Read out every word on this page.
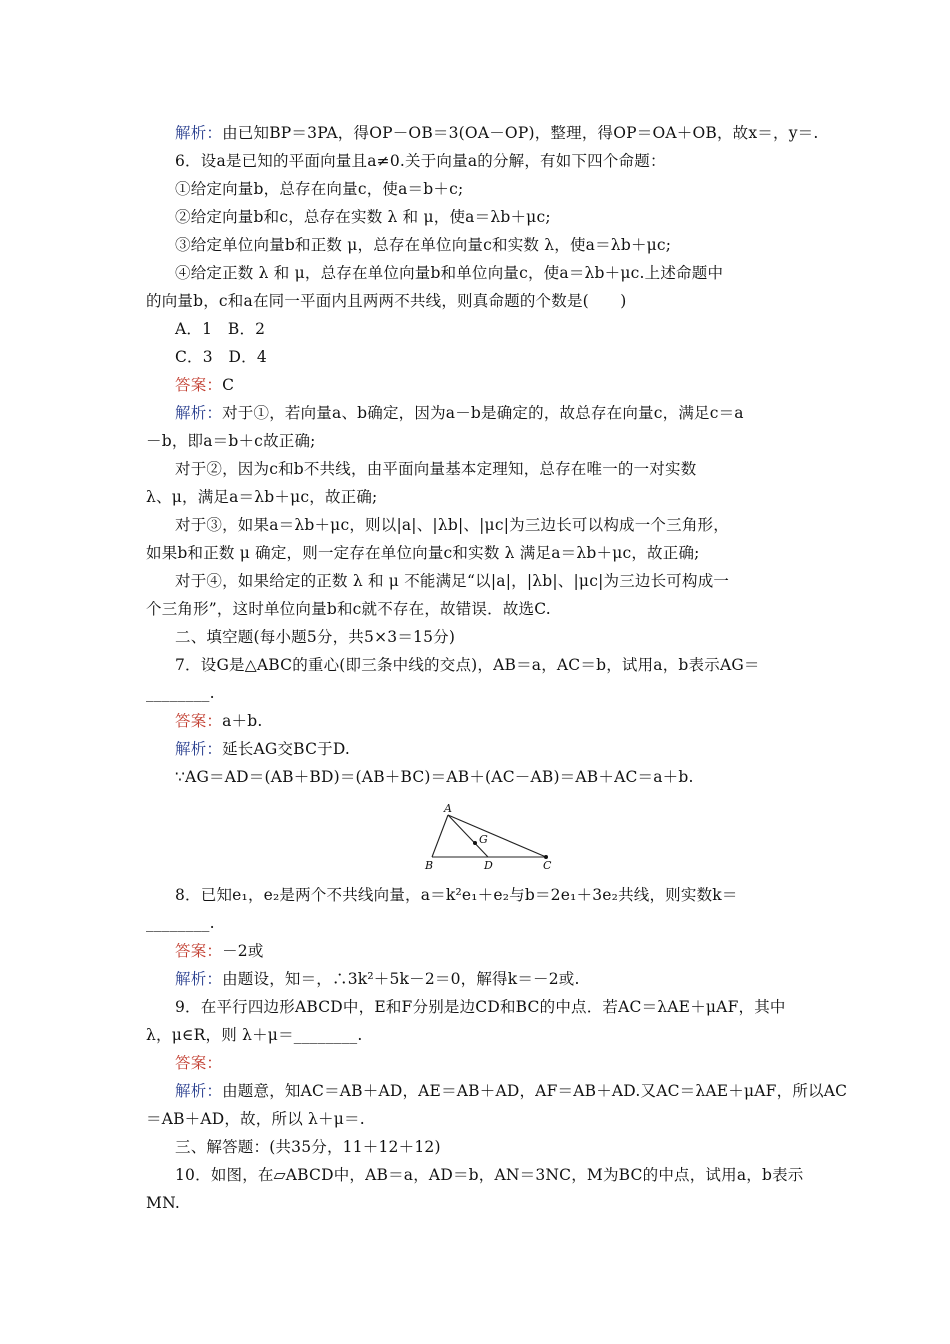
解析：由已知BP＝3PA，得OP－OB＝3(OA－OP)，整理，得OP＝OA＋OB，故x＝，y＝.
6．设a是已知的平面向量且a≠0.关于向量a的分解，有如下四个命题：
①给定向量b，总存在向量c，使a＝b＋c;
②给定向量b和c，总存在实数 λ 和 μ，使a＝λb＋μc;
③给定单位向量b和正数 μ，总存在单位向量c和实数 λ，使a＝λb＋μc;
④给定正数 λ 和 μ，总存在单位向量b和单位向量c，使a＝λb＋μc.上述命题中
的向量b，c和a在同一平面内且两两不共线，则真命题的个数是(　　)
A．1　B．2
C．3　D．4
答案：C
解析：对于①，若向量a、b确定，因为a－b是确定的，故总存在向量c，满足c＝a
－b，即a＝b＋c故正确;
对于②，因为c和b不共线，由平面向量基本定理知，总存在唯一的一对实数
λ、μ，满足a＝λb＋μc，故正确;
对于③，如果a＝λb＋μc，则以|a|、|λb|、|μc|为三边长可以构成一个三角形，
如果b和正数 μ 确定，则一定存在单位向量c和实数 λ 满足a＝λb＋μc，故正确;
对于④，如果给定的正数 λ 和 μ 不能满足“以|a|，|λb|、|μc|为三边长可构成一
个三角形”，这时单位向量b和c就不存在，故错误．故选C.
二、填空题(每小题5分，共5×3＝15分)
7．设G是△ABC的重心(即三条中线的交点)，AB＝a，AC＝b，试用a，b表示AG＝
________.
答案：a＋b.
解析：延长AG交BC于D.
∵AG＝AD＝(AB＋BD)＝(AB＋BC)＝AB＋(AC－AB)＝AB＋AC＝a＋b.
A
B	C
D
G
8．已知e₁，e₂是两个不共线向量，a＝k²e₁＋e₂与b＝2e₁＋3e₂共线，则实数k＝
________.
答案：－2或
解析：由题设，知＝，∴3k²＋5k－2＝0，解得k＝－2或.
9．在平行四边形ABCD中，E和F分别是边CD和BC的中点．若AC＝λAE＋μAF，其中
λ，μ∈R，则 λ＋μ＝________.
答案：
解析：由题意，知AC＝AB＋AD，AE＝AB＋AD，AF＝AB＋AD.又AC＝λAE＋μAF，所以AC
＝AB＋AD，故，所以 λ＋μ＝.
三、解答题：(共35分，11＋12＋12)
10．如图，在▱ABCD中，AB＝a，AD＝b，AN＝3NC，M为BC的中点，试用a，b表示
MN.
